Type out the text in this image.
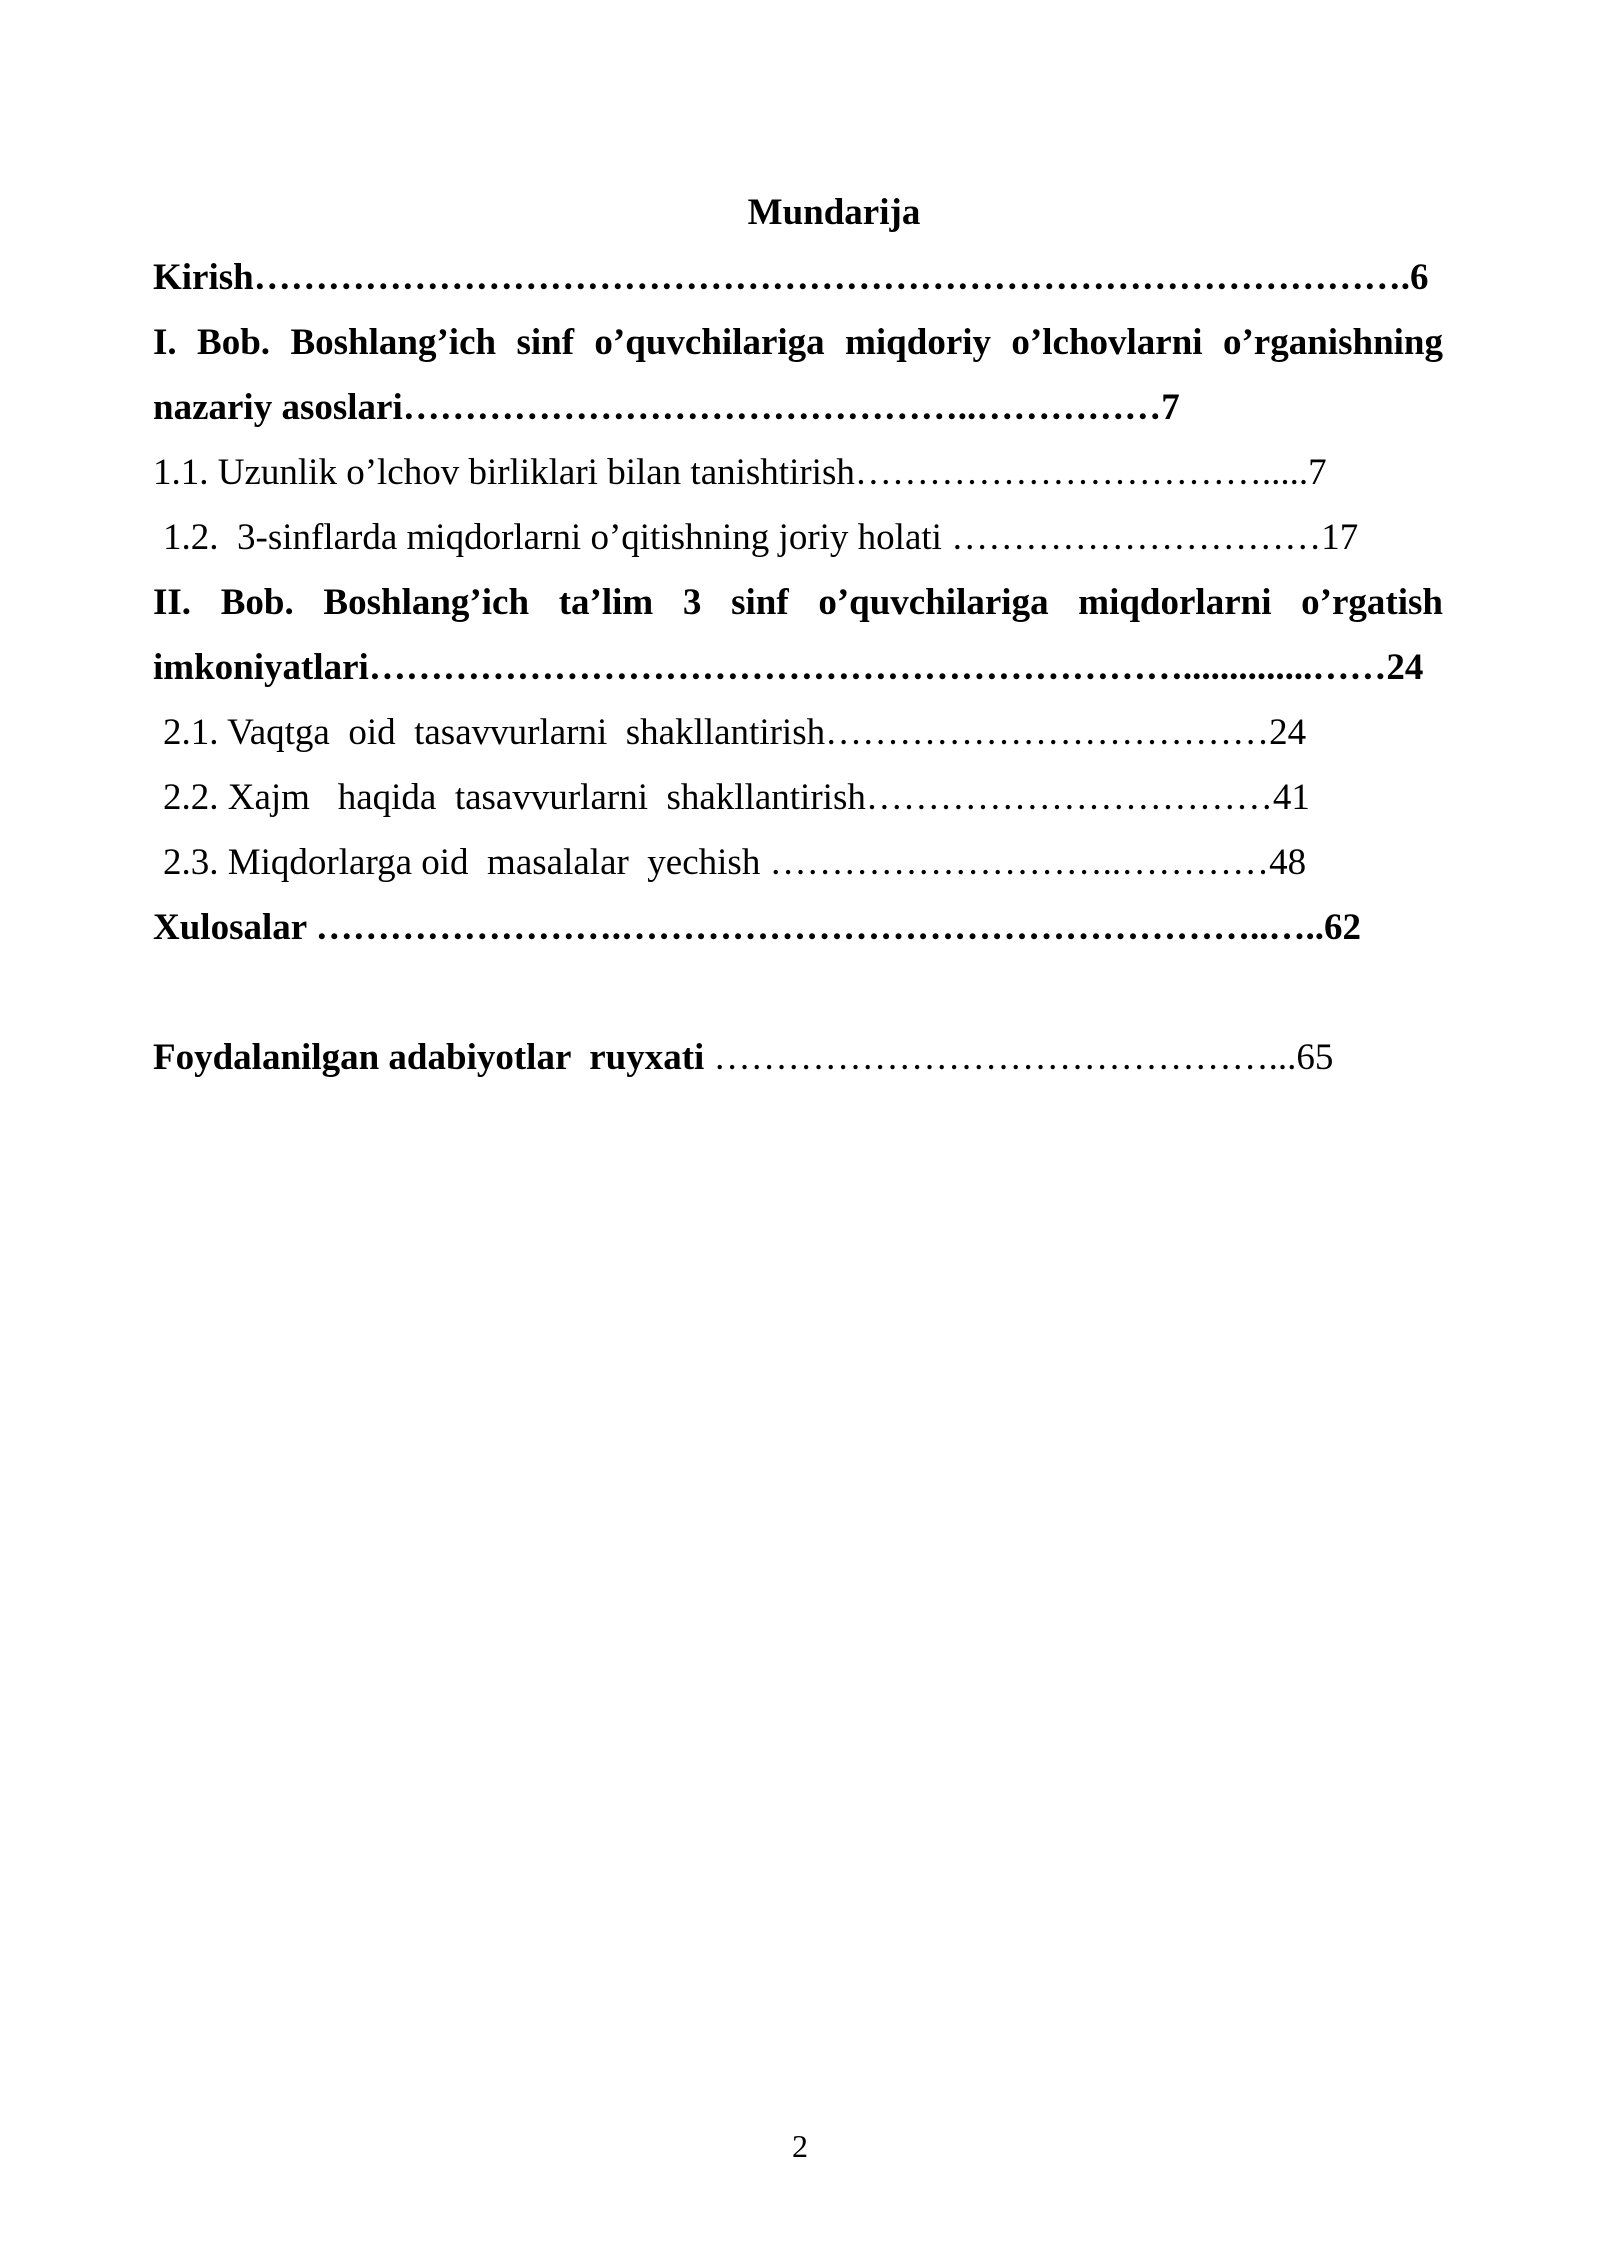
Mundarija
Kirish………………………………………………………………………………….6
I. Bob. Boshlang’ich sinf o’quvchilariga miqdoriy o’lchovlarni o’rganishning
nazariy asoslari………………………………………..……………7
1.1. Uzunlik o’lchov birliklari bilan tanishtirish…………………………….....7
1.2.  3-sinflarda miqdorlarni o’qitishning joriy holati …………………………17
II. Bob. Boshlang’ich ta’lim 3 sinf o’quvchilariga miqdorlarni o’rgatish
imkoniyatlari…………………………………………………………..............……24
2.1. Vaqtga  oid  tasavvurlarni  shakllantirish………………………………24
2.2. Xajm   haqida  tasavvurlarni  shakllantirish……………………………41
2.3. Miqdorlarga oid  masalalar  yechish ………………………..…………48
Xulosalar …………………….……………………………………………..…..62
Foydalanilgan adabiyotlar  ruyxati ………………………………………...65
2
